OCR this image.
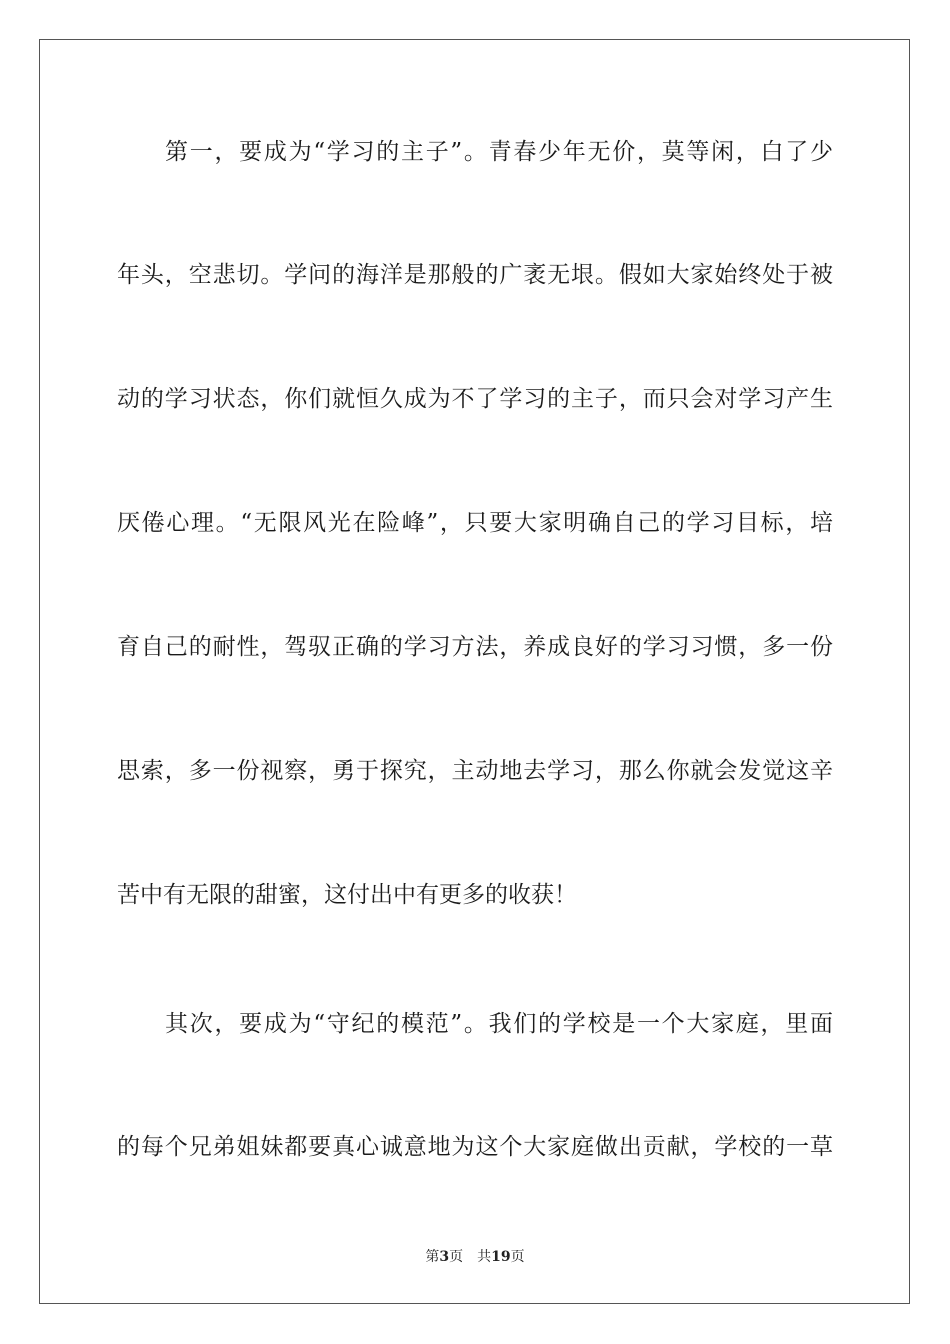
第一，要成为“学习的主子”。青春少年无价，莫等闲，白了少
年头，空悲切。学问的海洋是那般的广袤无垠。假如大家始终处于被
动的学习状态，你们就恒久成为不了学习的主子，而只会对学习产生
厌倦心理。“无限风光在险峰”，只要大家明确自己的学习目标，培
育自己的耐性，驾驭正确的学习方法，养成良好的学习习惯，多一份
思索，多一份视察，勇于探究，主动地去学习，那么你就会发觉这辛
苦中有无限的甜蜜，这付出中有更多的收获！
其次，要成为“守纪的模范”。我们的学校是一个大家庭，里面
的每个兄弟姐妹都要真心诚意地为这个大家庭做出贡献，学校的一草
第3页 共19页
